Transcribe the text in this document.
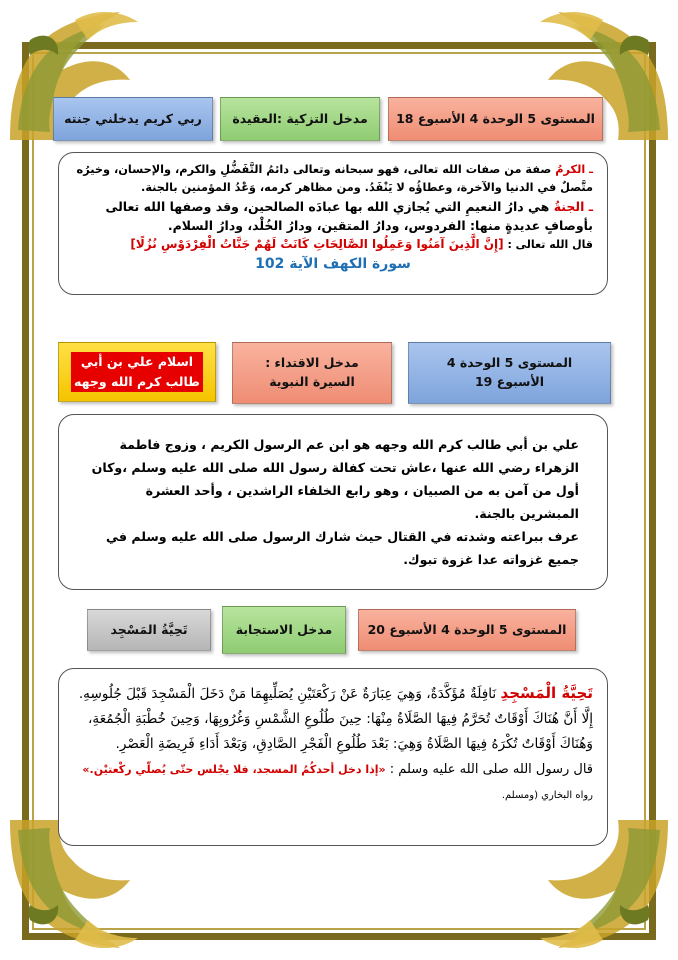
المستوى 5 الوحدة 4 الأسبوع 18
مدخل التزكية :العقيدة
ربي كريم يدخلني جنته

ـ الكرمُ صفة من صفات الله تعالى، فهو سبحانه وتعالى دائمُ التَّفَضُّلِ والكرم، والإحسان، وخيرُه متَّصلٌ في الدنيا والآخرة، وعطاؤُه لا يَنْفَدُ. ومن مظاهر كرمه، وَعْدُ المؤمنين بالجنة.

ـ الجنةُ هي دارُ النعيمِ التي يُجازي الله بها عبادَه الصالحين، وقد وصفها الله تعالى بأوصافٍ عديدةٍ منها: الفردوس، ودارُ المتقين، ودارُ الخُلْد، ودارُ السلام.

قال الله تعالى : [إِنَّ الَّذِينَ آمَنُوا وَعَمِلُوا الصَّالِحَاتِ كَانَتْ لَهُمْ جَنَّاتُ الْفِرْدَوْسِ نُزُلًا]

سورة الكهف الآية 102

المستوى 5 الوحدة 4 الأسبوع 19
مدخل الاقتداء : السيرة النبوية
اسلام علي بن أبي طالب كرم الله وجهه

علي بن أبي طالب كرم الله وجهه هو ابن عم الرسول الكريم ، وزوج فاطمة الزهراء رضي الله عنها ،عاش تحت كفالة رسول الله صلى الله عليه وسلم ،وكان أول من آمن به من الصبيان ، وهو رابع الخلفاء الراشدين ، وأحد العشرة المبشرين بالجنة.

عرف ببراعته وشدته في القتال حيث شارك الرسول صلى الله عليه وسلم في جميع غزواته عدا غزوة تبوك.

المستوى 5 الوحدة 4 الأسبوع 20
مدخل الاستجابة
تَحِيَّةُ المَسْجِد

تَحِيَّةُ الْمَسْجِدِ نَافِلَةٌ مُؤَكَّدَةٌ، وَهِيَ عِبَارَةٌ عَنْ رَكْعَتَيْنِ يُصَلِّيهِمَا مَنْ دَخَلَ الْمَسْجِدَ قَبْلَ جُلُوسِهِ. إِلَّا أَنَّ هُنَاكَ أَوْقَاتٌ تُحَرَّمُ فِيهَا الصَّلَاةُ مِنْهَا: حِينَ طُلُوعِ الشَّمْسِ وَغُرُوبِهَا، وَحِينَ خُطْبَةِ الْجُمُعَةِ، وَهُنَاكَ أَوْقَاتٌ تُكْرَهُ فِيهَا الصَّلَاةُ وَهِيَ: بَعْدَ طُلُوعِ الْفَجْرِ الصَّادِقِ، وَبَعْدَ أَدَاءِ فَرِيضَةِ الْعَصْرِ.

قال رسول الله صلى الله عليه وسلم : «إذا دخل أحدكُمُ المسجد، فلا يجْلس حتّى يُصلّي ركْعتيْن.» رواه البخاري (ومسلم.
